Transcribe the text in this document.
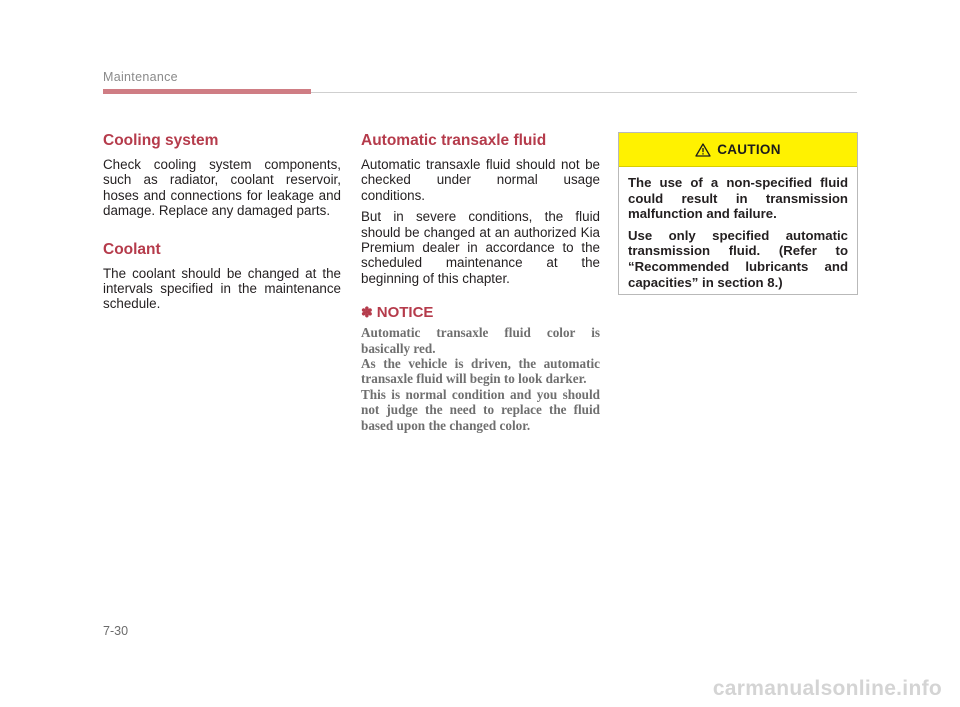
Maintenance
Cooling system

Check cooling system components, such as radiator, coolant reservoir, hoses and connections for leakage and damage. Replace any damaged parts.

Coolant

The coolant should be changed at the intervals specified in the maintenance schedule.

Automatic transaxle fluid

Automatic transaxle fluid should not be checked under normal usage conditions.

But in severe conditions, the fluid should be changed at an authorized Kia Premium dealer in accordance to the scheduled maintenance at the beginning of this chapter.

✽ NOTICE

Automatic transaxle fluid color is basically red.

As the vehicle is driven, the automatic transaxle fluid will begin to look darker.

This is normal condition and you should not judge the need to replace the fluid based upon the changed color.

CAUTION

The use of a non-specified fluid could result in transmission malfunction and failure.

Use only specified automatic transmission fluid. (Refer to “Recommended lubricants and capacities” in section 8.)

7-30
carmanualsonline.info
